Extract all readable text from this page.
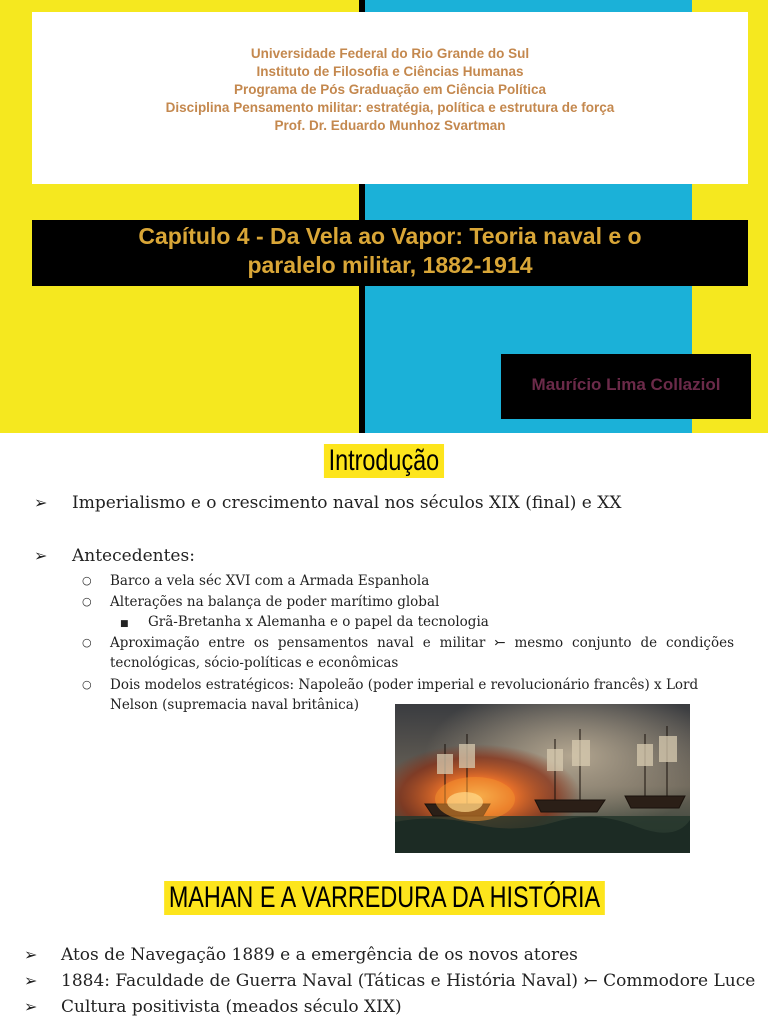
Universidade Federal do Rio Grande do Sul
Instituto de Filosofia e Ciências Humanas
Programa de Pós Graduação em Ciência Política
Disciplina Pensamento militar: estratégia, política e estrutura de força
Prof. Dr. Eduardo Munhoz Svartman
Capítulo 4 - Da Vela ao Vapor: Teoria naval e o
paralelo militar, 1882-1914
Maurício Lima Collaziol
Introdução
➢ Imperialismo e o crescimento naval nos séculos XIX (final) e XX
➢ Antecedentes:
○ Barco a vela séc XVI com a Armada Espanhola
○ Alterações na balança de poder marítimo global
■ Grã-Bretanha x Alemanha e o papel da tecnologia
○ Aproximação entre os pensamentos naval e militar ⤚ mesmo conjunto de condições tecnológicas, sócio-políticas e econômicas
○ Dois modelos estratégicos: Napoleão (poder imperial e revolucionário francês) x Lord Nelson (supremacia naval britânica)
MAHAN E A VARREDURA DA HISTÓRIA
➢ Atos de Navegação 1889 e a emergência de os novos atores
➢ 1884: Faculdade de Guerra Naval (Táticas e História Naval) ⤚ Commodore Luce
➢ Cultura positivista (meados século XIX)
